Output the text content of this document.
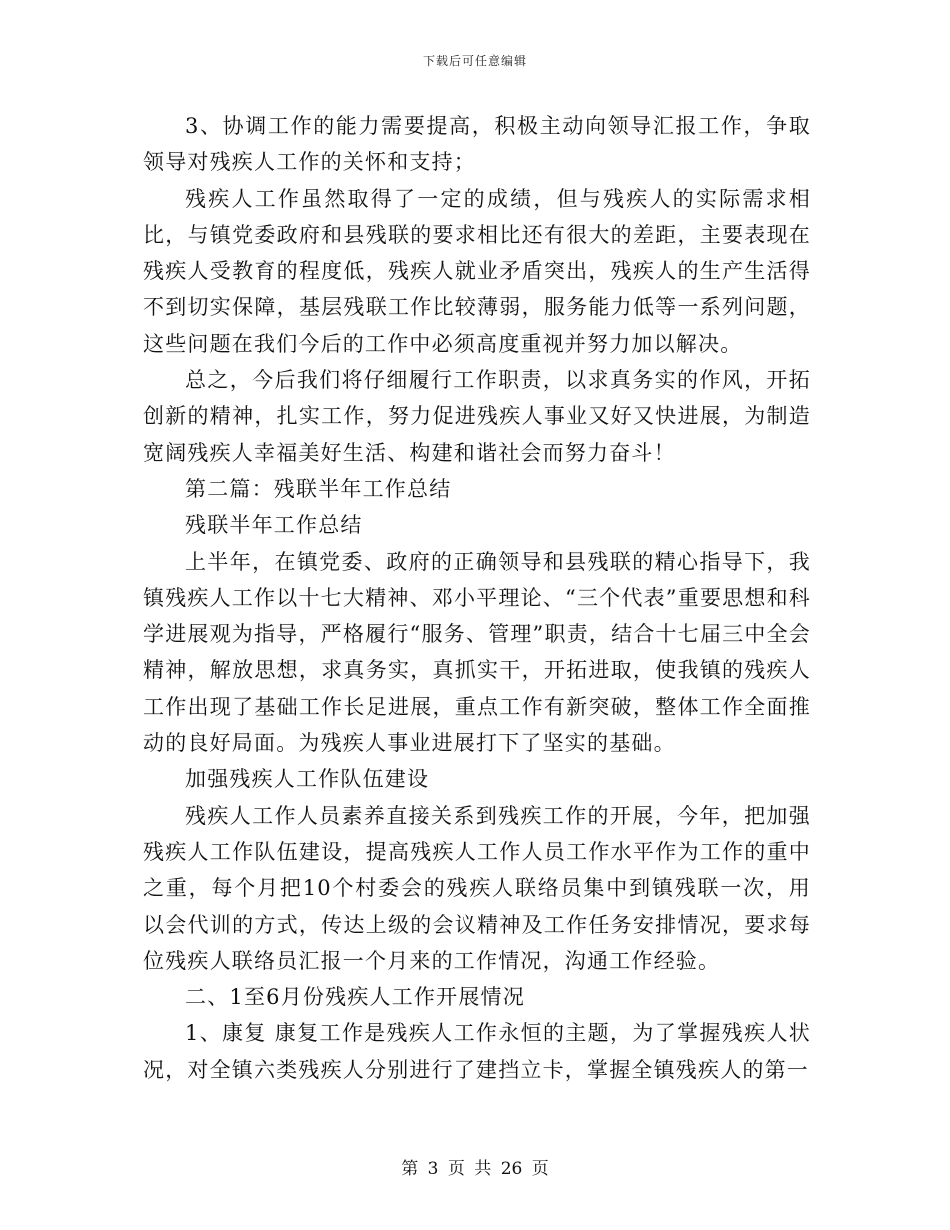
下载后可任意编辑

3、协调工作的能力需要提高，积极主动向领导汇报工作，争取领导对残疾人工作的关怀和支持；

残疾人工作虽然取得了一定的成绩，但与残疾人的实际需求相比，与镇党委政府和县残联的要求相比还有很大的差距，主要表现在残疾人受教育的程度低，残疾人就业矛盾突出，残疾人的生产生活得不到切实保障，基层残联工作比较薄弱，服务能力低等一系列问题，这些问题在我们今后的工作中必须高度重视并努力加以解决。

总之，今后我们将仔细履行工作职责，以求真务实的作风，开拓创新的精神，扎实工作，努力促进残疾人事业又好又快进展，为制造宽阔残疾人幸福美好生活、构建和谐社会而努力奋斗！

第二篇：残联半年工作总结

残联半年工作总结

上半年，在镇党委、政府的正确领导和县残联的精心指导下，我镇残疾人工作以十七大精神、邓小平理论、“三个代表”重要思想和科学进展观为指导，严格履行“服务、管理”职责，结合十七届三中全会精神，解放思想，求真务实，真抓实干，开拓进取，使我镇的残疾人工作出现了基础工作长足进展，重点工作有新突破，整体工作全面推动的良好局面。为残疾人事业进展打下了坚实的基础。

加强残疾人工作队伍建设

残疾人工作人员素养直接关系到残疾工作的开展，今年，把加强残疾人工作队伍建设，提高残疾人工作人员工作水平作为工作的重中之重，每个月把10个村委会的残疾人联络员集中到镇残联一次，用以会代训的方式，传达上级的会议精神及工作任务安排情况，要求每位残疾人联络员汇报一个月来的工作情况，沟通工作经验。

二、1至6月份残疾人工作开展情况

1、康复 康复工作是残疾人工作永恒的主题，为了掌握残疾人状况，对全镇六类残疾人分别进行了建挡立卡，掌握全镇残疾人的第一

第 3 页 共 26 页
